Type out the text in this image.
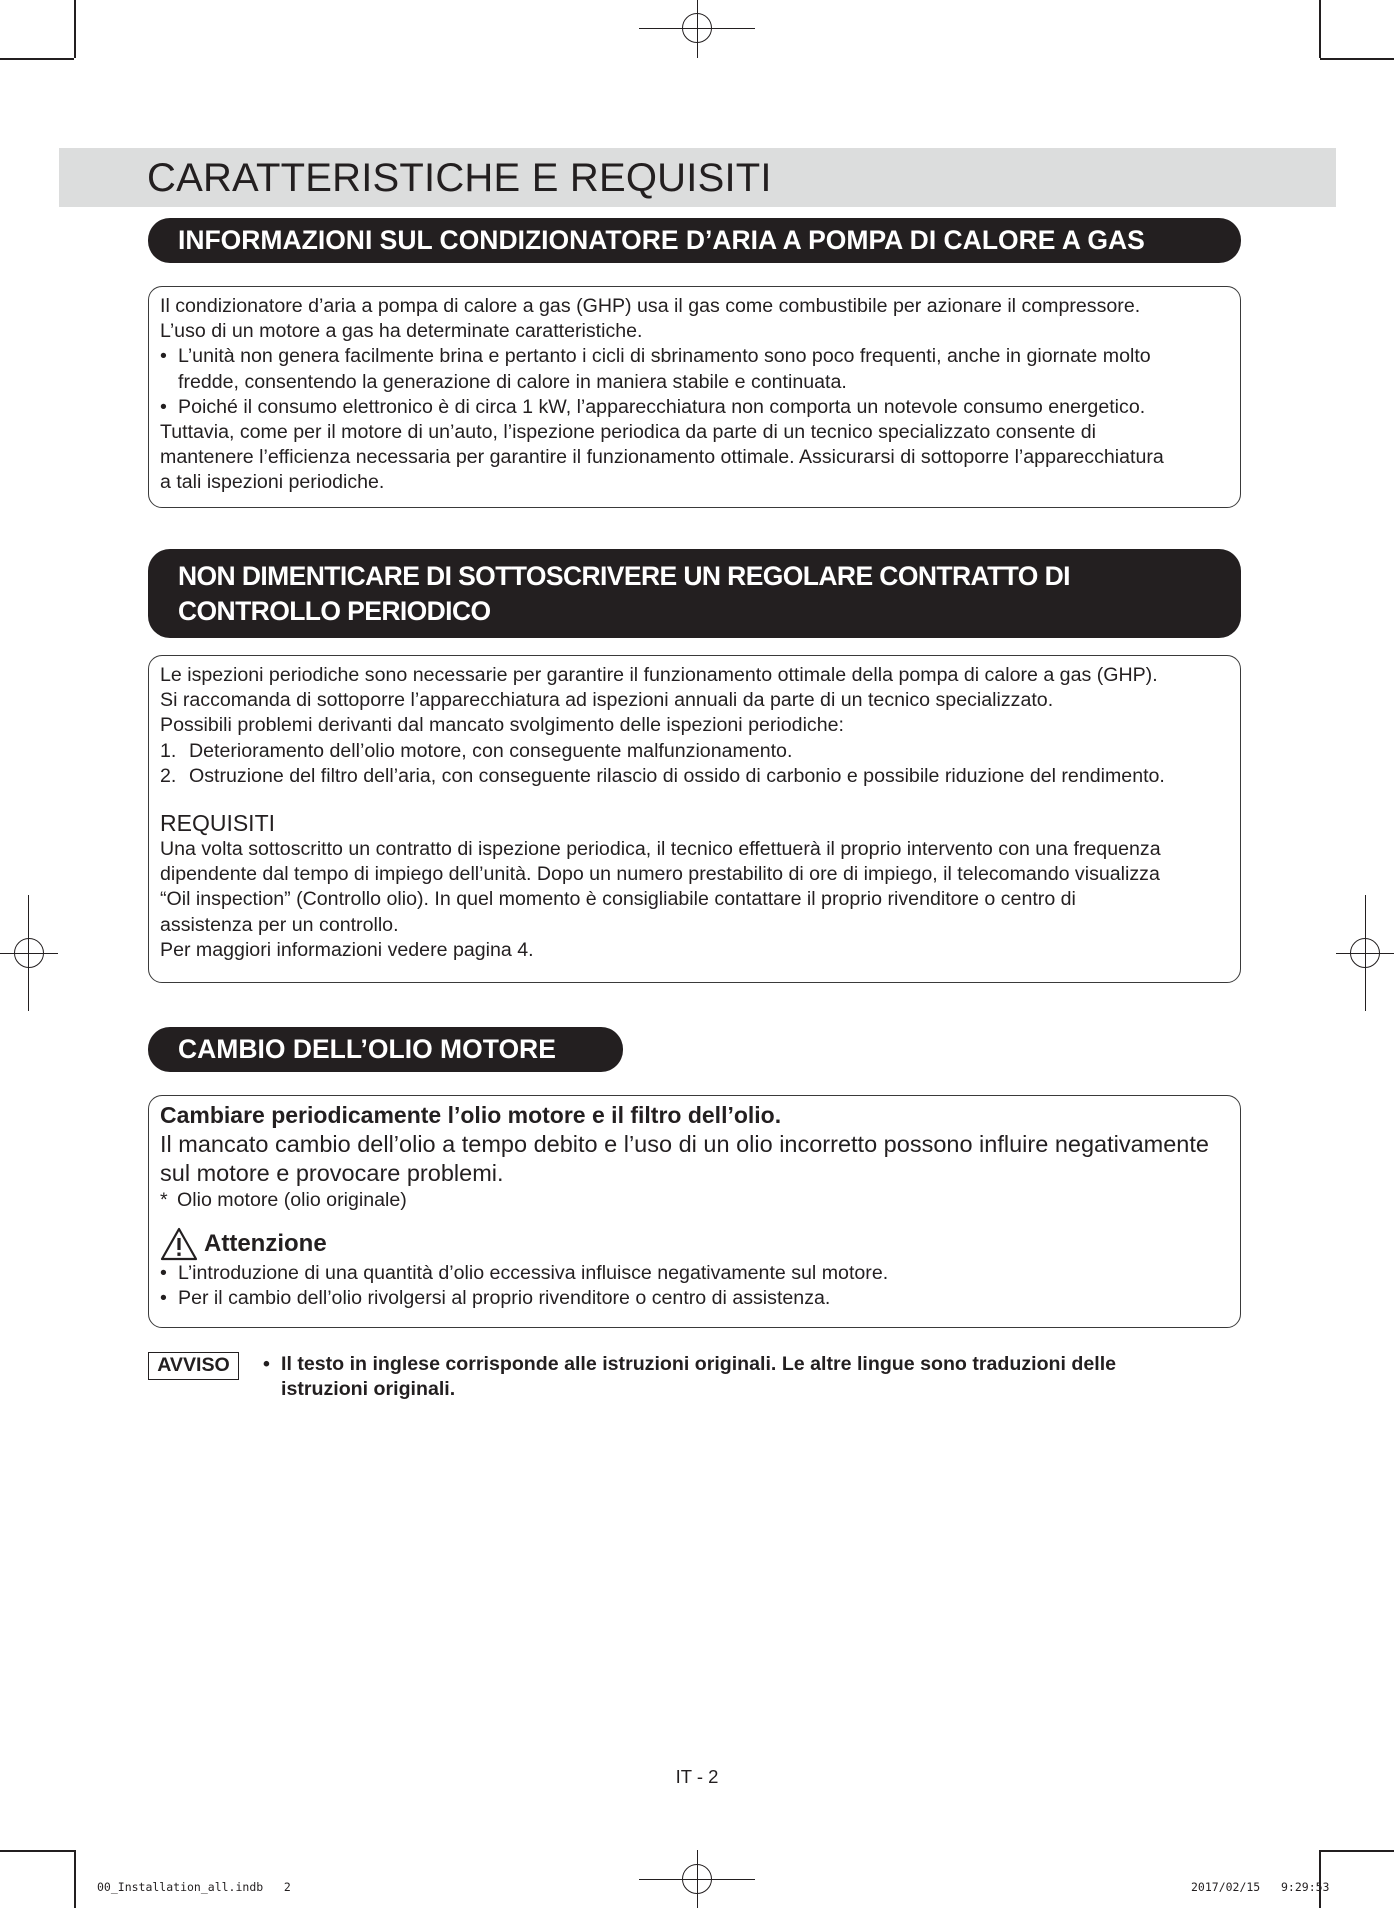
CARATTERISTICHE E REQUISITI
INFORMAZIONI SUL CONDIZIONATORE D’ARIA A POMPA DI CALORE A GAS

Il condizionatore d’aria a pompa di calore a gas (GHP) usa il gas come combustibile per azionare il compressore.

L’uso di un motore a gas ha determinate caratteristiche.

• L’unità non genera facilmente brina e pertanto i cicli di sbrinamento sono poco frequenti, anche in giornate molto

fredde, consentendo la generazione di calore in maniera stabile e continuata.

• Poiché il consumo elettronico è di circa 1 kW, l’apparecchiatura non comporta un notevole consumo energetico.

Tuttavia, come per il motore di un’auto, l’ispezione periodica da parte di un tecnico specializzato consente di

mantenere l’efficienza necessaria per garantire il funzionamento ottimale. Assicurarsi di sottoporre l’apparecchiatura

a tali ispezioni periodiche.

NON DIMENTICARE DI SOTTOSCRIVERE UN REGOLARE CONTRATTO DI

CONTROLLO PERIODICO

Le ispezioni periodiche sono necessarie per garantire il funzionamento ottimale della pompa di calore a gas (GHP).

Si raccomanda di sottoporre l’apparecchiatura ad ispezioni annuali da parte di un tecnico specializzato.

Possibili problemi derivanti dal mancato svolgimento delle ispezioni periodiche:

1. Deterioramento dell’olio motore, con conseguente malfunzionamento.

2. Ostruzione del filtro dell’aria, con conseguente rilascio di ossido di carbonio e possibile riduzione del rendimento.

REQUISITI

Una volta sottoscritto un contratto di ispezione periodica, il tecnico effettuerà il proprio intervento con una frequenza

dipendente dal tempo di impiego dell’unità. Dopo un numero prestabilito di ore di impiego, il telecomando visualizza

“Oil inspection” (Controllo olio). In quel momento è consigliabile contattare il proprio rivenditore o centro di

assistenza per un controllo.

Per maggiori informazioni vedere pagina 4.

CAMBIO DELL’OLIO MOTORE

Cambiare periodicamente l’olio motore e il filtro dell’olio.

Il mancato cambio dell’olio a tempo debito e l’uso di un olio incorretto possono influire negativamente

sul motore e provocare problemi.

* Olio motore (olio originale)

Attenzione

• L’introduzione di una quantità d’olio eccessiva influisce negativamente sul motore.

• Per il cambio dell’olio rivolgersi al proprio rivenditore o centro di assistenza.

AVVISO

•	Il testo in inglese corrisponde alle istruzioni originali. Le altre lingue sono traduzioni delle

istruzioni originali.

IT - 2
00_Installation_all.indb   2	2017/02/15   9:29:53
